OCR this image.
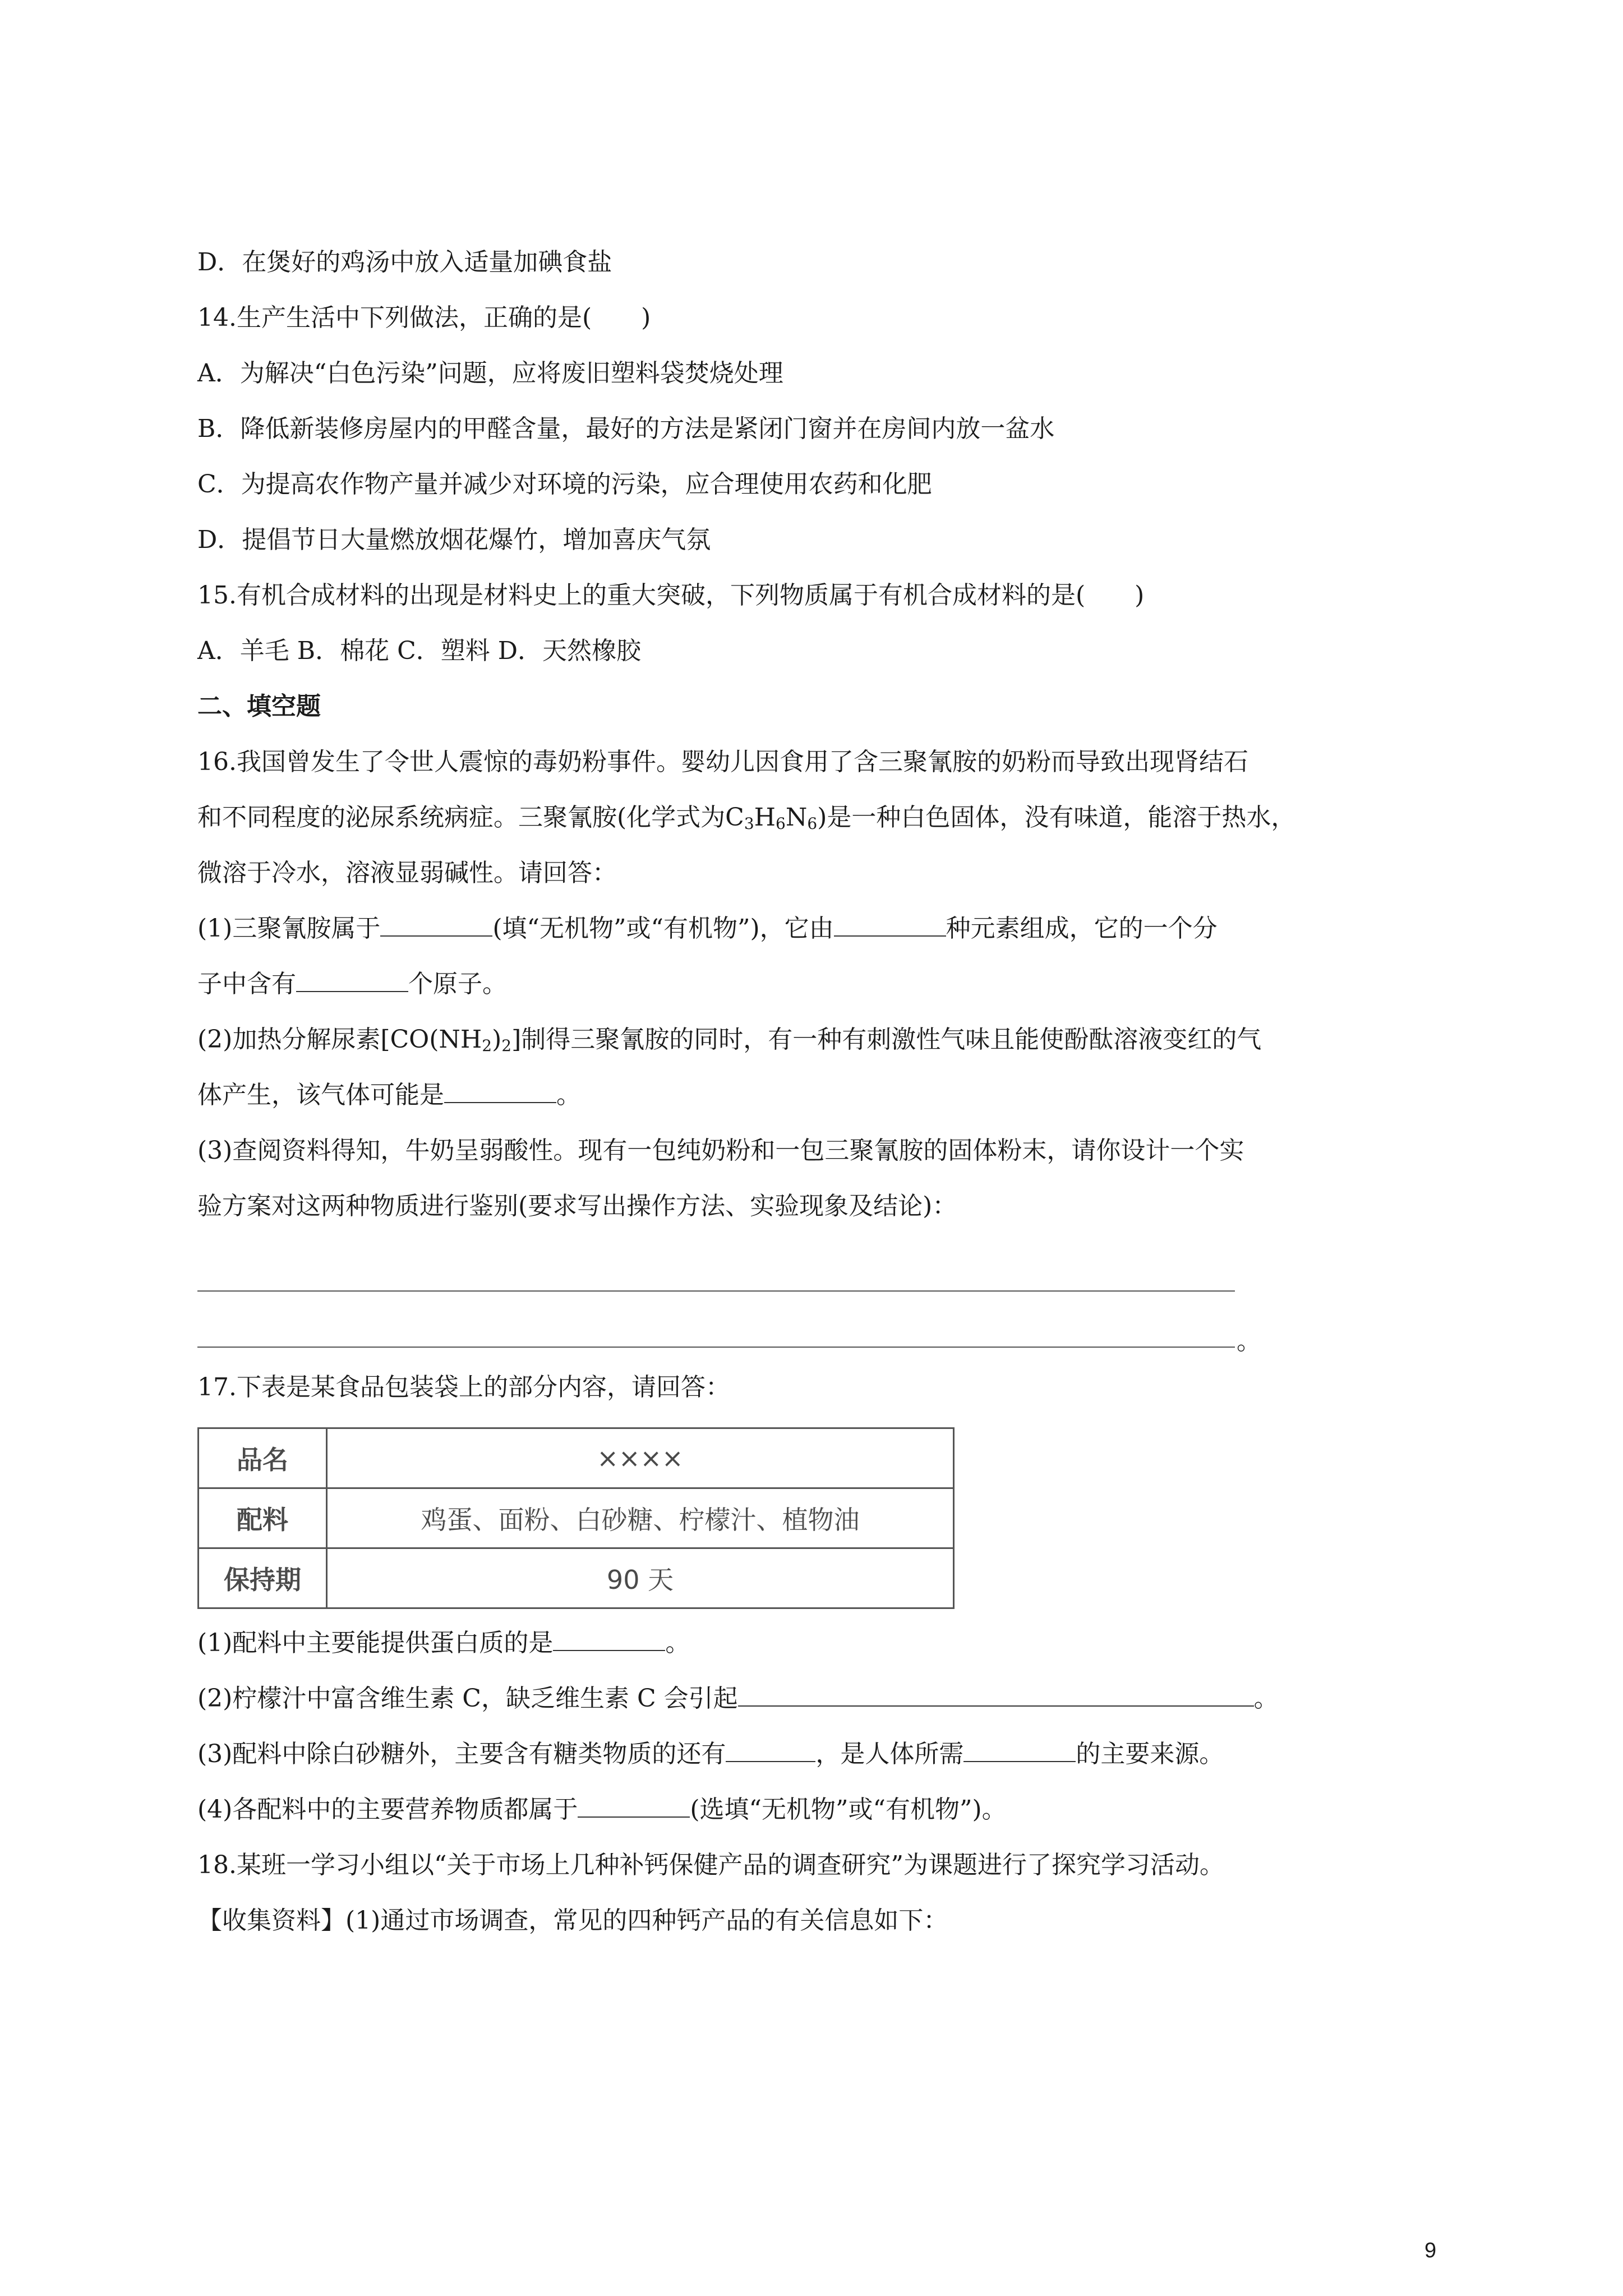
D．在煲好的鸡汤中放入适量加碘食盐
14.生产生活中下列做法，正确的是(　　)
A．为解决“白色污染”问题，应将废旧塑料袋焚烧处理
B．降低新装修房屋内的甲醛含量，最好的方法是紧闭门窗并在房间内放一盆水
C．为提高农作物产量并减少对环境的污染，应合理使用农药和化肥
D．提倡节日大量燃放烟花爆竹，增加喜庆气氛
15.有机合成材料的出现是材料史上的重大突破，下列物质属于有机合成材料的是(　　)
A．羊毛 B．棉花 C．塑料 D．天然橡胶
二、填空题
16.我国曾发生了令世人震惊的毒奶粉事件。婴幼儿因食用了含三聚氰胺的奶粉而导致出现肾结石
和不同程度的泌尿系统病症。三聚氰胺(化学式为$C_3H_6N_6$)是一种白色固体，没有味道，能溶于热水，
微溶于冷水，溶液显弱碱性。请回答：
(1)三聚氰胺属于	(填“无机物”或“有机物”)，它由	种元素组成，它的一个分
子中含有	个原子。
(2)加热分解尿素$[CO(NH_2)_2]$制得三聚氰胺的同时，有一种有刺激性气味且能使酚酞溶液变红的气
体产生，该气体可能是	。
(3)查阅资料得知，牛奶呈弱酸性。现有一包纯奶粉和一包三聚氰胺的固体粉末，请你设计一个实
验方案对这两种物质进行鉴别(要求写出操作方法、实验现象及结论)：
。
17.下表是某食品包装袋上的部分内容，请回答：
品名	××××
配料	鸡蛋、面粉、白砂糖、柠檬汁、植物油
保持期	90 天
(1)配料中主要能提供蛋白质的是	。
(2)柠檬汁中富含维生素 C，缺乏维生素 C 会引起	。
(3)配料中除白砂糖外，主要含有糖类物质的还有	，是人体所需	的主要来源。
(4)各配料中的主要营养物质都属于	(选填“无机物”或“有机物”)。
18.某班一学习小组以“关于市场上几种补钙保健产品的调查研究”为课题进行了探究学习活动。
【收集资料】(1)通过市场调查，常见的四种钙产品的有关信息如下：
9
